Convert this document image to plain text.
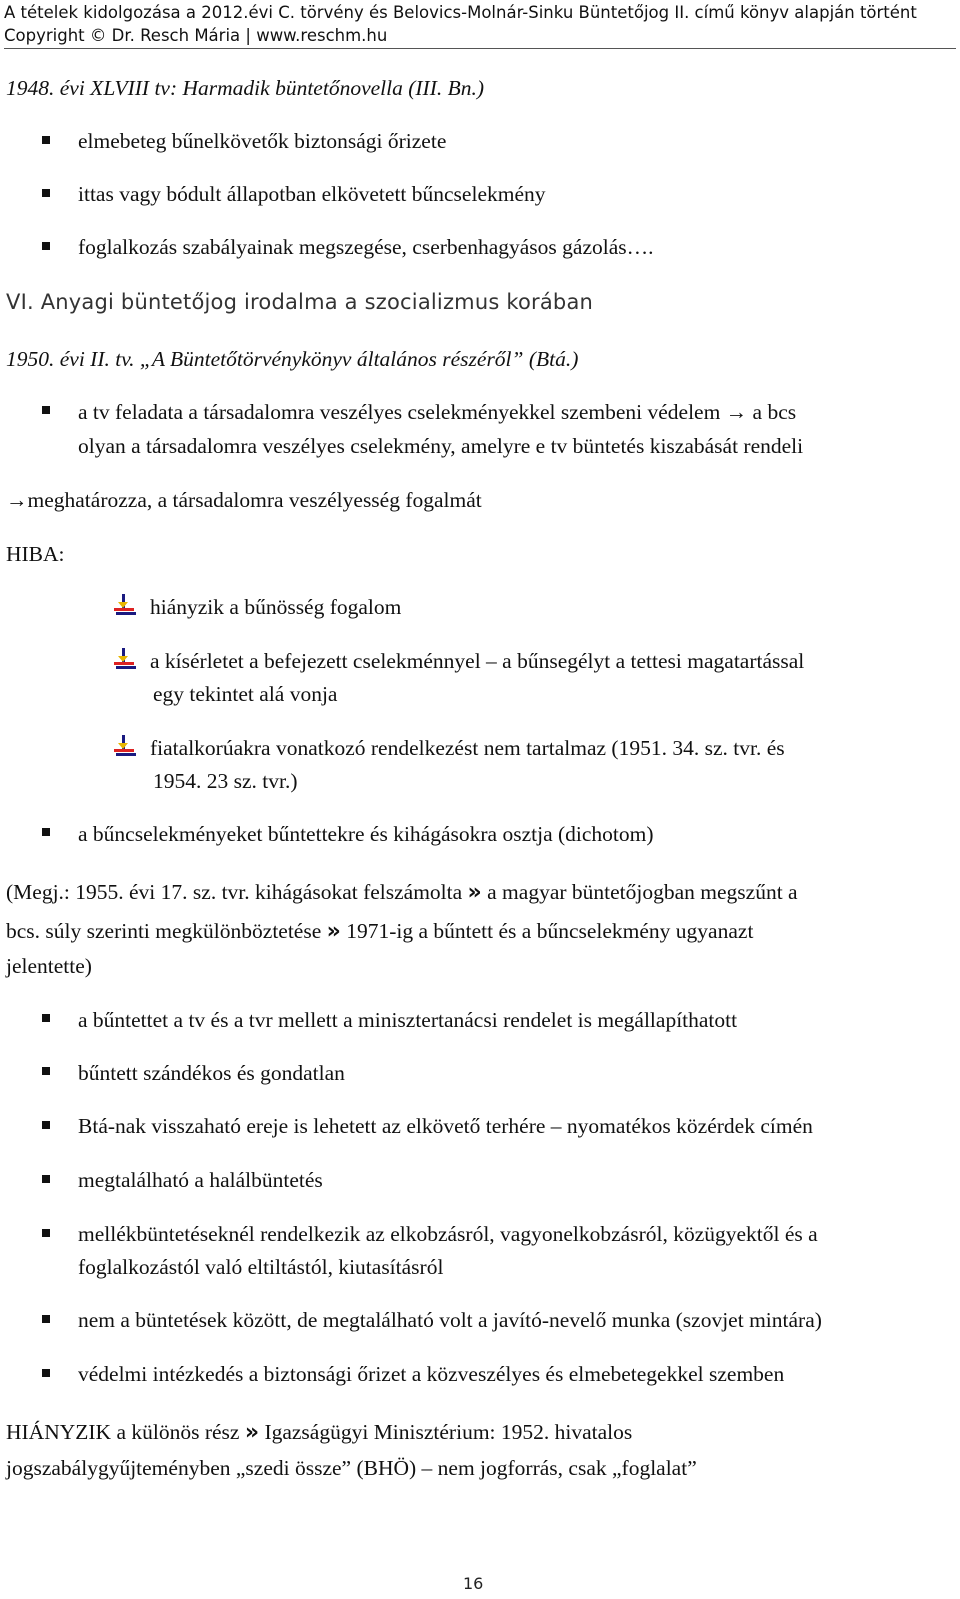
A tételek kidolgozása a 2012.évi C. törvény és Belovics-Molnár-Sinku Büntetőjog II. című könyv alapján történt
Copyright © Dr. Resch Mária | www.reschm.hu
1948. évi XLVIII tv: Harmadik büntetőnovella (III. Bn.)
elmebeteg bűnelkövetők biztonsági őrizete
ittas vagy bódult állapotban elkövetett bűncselekmény
foglalkozás szabályainak megszegése, cserbenhagyásos gázolás….
VI. Anyagi büntetőjog irodalma a szocializmus korában
1950. évi II. tv. „A Büntetőtörvénykönyv általános részéről” (Btá.)
a tv feladata a társadalomra veszélyes cselekményekkel szembeni védelem → a bcs
olyan a társadalomra veszélyes cselekmény, amelyre e tv büntetés kiszabását rendeli
→meghatározza, a társadalomra veszélyesség fogalmát
HIBA:
hiányzik a bűnösség fogalom
a kísérletet a befejezett cselekménnyel – a bűnsegélyt a tettesi magatartással
egy tekintet alá vonja
fiatalkorúakra vonatkozó rendelkezést nem tartalmaz (1951. 34. sz. tvr. és
1954. 23 sz. tvr.)
a bűncselekményeket bűntettekre és kihágásokra osztja (dichotom)
(Megj.: 1955. évi 17. sz. tvr. kihágásokat felszámolta » a magyar büntetőjogban megszűnt a
bcs. súly szerinti megkülönböztetése » 1971-ig a bűntett és a bűncselekmény ugyanazt
jelentette)
a bűntettet a tv és a tvr mellett a minisztertanácsi rendelet is megállapíthatott
bűntett szándékos és gondatlan
Btá-nak visszaható ereje is lehetett az elkövető terhére – nyomatékos közérdek címén
megtalálható a halálbüntetés
mellékbüntetéseknél rendelkezik az elkobzásról, vagyonelkobzásról, közügyektől és a
foglalkozástól való eltiltástól, kiutasításról
nem a büntetések között, de megtalálható volt a javító-nevelő munka (szovjet mintára)
védelmi intézkedés a biztonsági őrizet a közveszélyes és elmebetegekkel szemben
HIÁNYZIK a különös rész » Igazságügyi Minisztérium: 1952. hivatalos
jogszabálygyűjteményben „szedi össze” (BHÖ) – nem jogforrás, csak „foglalat”
16
